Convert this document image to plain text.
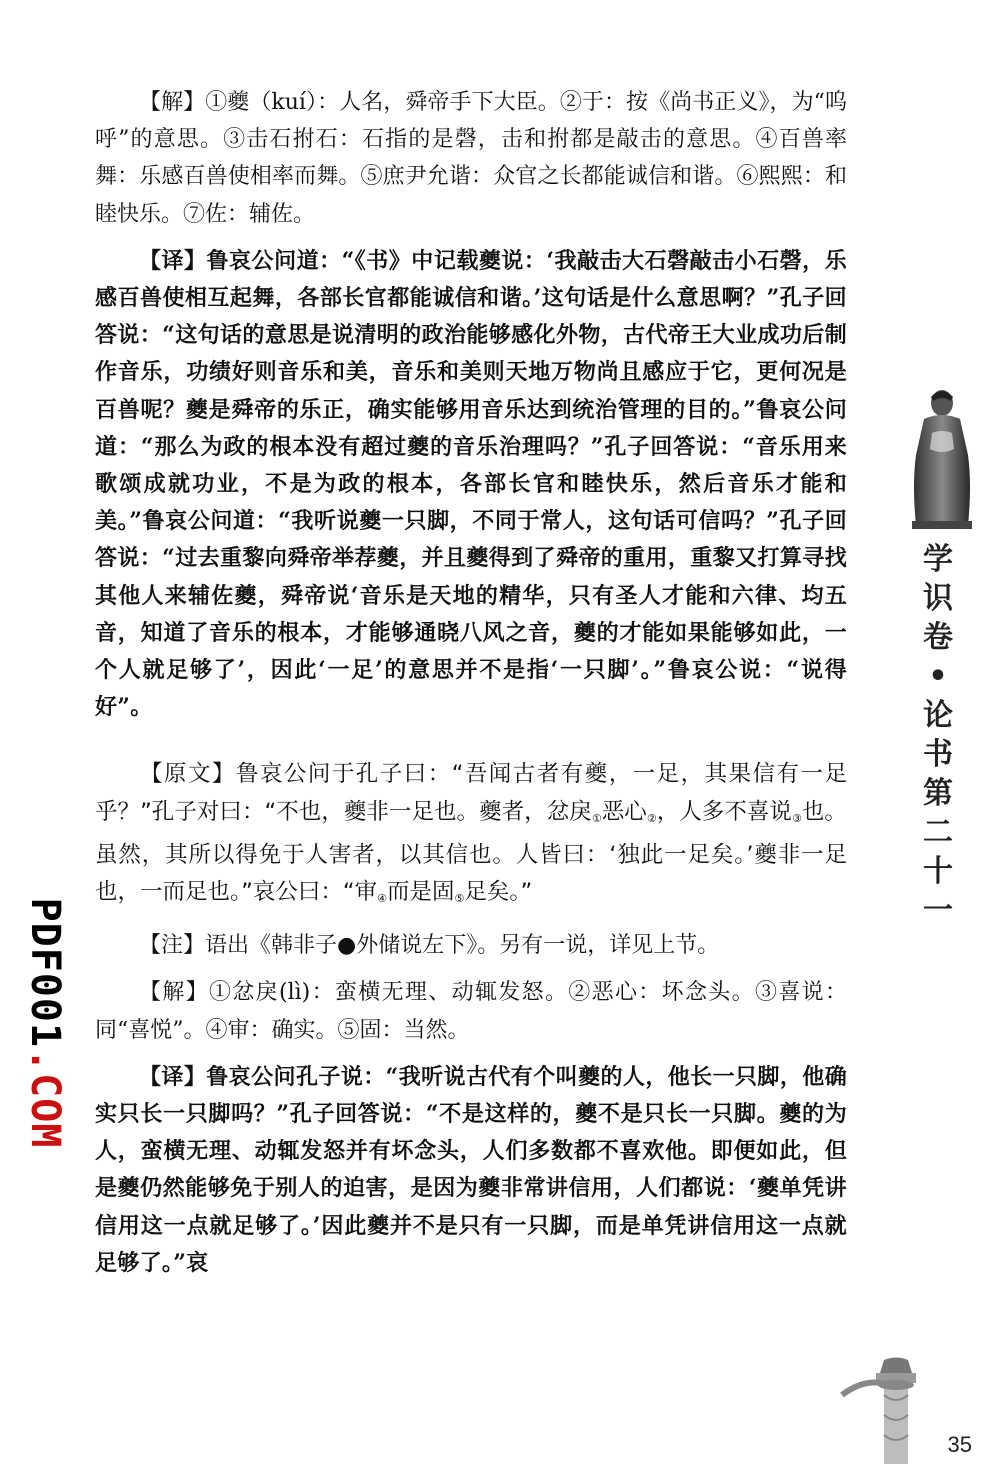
【解】①夔（kuí）：人名，舜帝手下大臣。②于：按《尚书正义》，为“呜呼”的意思。③击石拊石：石指的是磬，击和拊都是敲击的意思。④百兽率舞：乐感百兽使相率而舞。⑤庶尹允谐：众官之长都能诚信和谐。⑥熙熙：和睦快乐。⑦佐：辅佐。

【译】鲁哀公问道：“《书》中记载夔说：‘我敲击大石磬敲击小石磬，乐感百兽使相互起舞，各部长官都能诚信和谐。’这句话是什么意思啊？”孔子回答说：“这句话的意思是说清明的政治能够感化外物，古代帝王大业成功后制作音乐，功绩好则音乐和美，音乐和美则天地万物尚且感应于它，更何况是百兽呢？夔是舜帝的乐正，确实能够用音乐达到统治管理的目的。”鲁哀公问道：“那么为政的根本没有超过夔的音乐治理吗？”孔子回答说：“音乐用来歌颂成就功业，不是为政的根本，各部长官和睦快乐，然后音乐才能和美。”鲁哀公问道：“我听说夔一只脚，不同于常人，这句话可信吗？”孔子回答说：“过去重黎向舜帝举荐夔，并且夔得到了舜帝的重用，重黎又打算寻找其他人来辅佐夔，舜帝说‘音乐是天地的精华，只有圣人才能和六律、均五音，知道了音乐的根本，才能够通晓八风之音，夔的才能如果能够如此，一个人就足够了’，因此‘一足’的意思并不是指‘一只脚’。”鲁哀公说：“说得好”。

【原文】鲁哀公问于孔子曰：“吾闻古者有夔，一足，其果信有一足乎？”孔子对曰：“不也，夔非一足也。夔者，忿戾$_①$恶心$_②$，人多不喜说$_③$也。虽然，其所以得免于人害者，以其信也。人皆曰：‘独此一足矣。’夔非一足也，一而足也。”哀公曰：“审$_④$而是固$_⑤$足矣。”

【注】语出《韩非子●外储说左下》。另有一说，详见上节。

【解】①忿戾(lì)：蛮横无理、动辄发怒。②恶心：坏念头。③喜说：同“喜悦”。④审：确实。⑤固：当然。

【译】鲁哀公问孔子说：“我听说古代有个叫夔的人，他长一只脚，他确实只长一只脚吗？”孔子回答说：“不是这样的，夔不是只长一只脚。夔的为人，蛮横无理、动辄发怒并有坏念头，人们多数都不喜欢他。即便如此，但是夔仍然能够免于别人的迫害，是因为夔非常讲信用，人们都说：‘夔单凭讲信用这一点就足够了。’因此夔并不是只有一只脚，而是单凭讲信用这一点就足够了。”哀

学
识
卷
•
论
书
第
二
十
一
PDF001.COM
35
